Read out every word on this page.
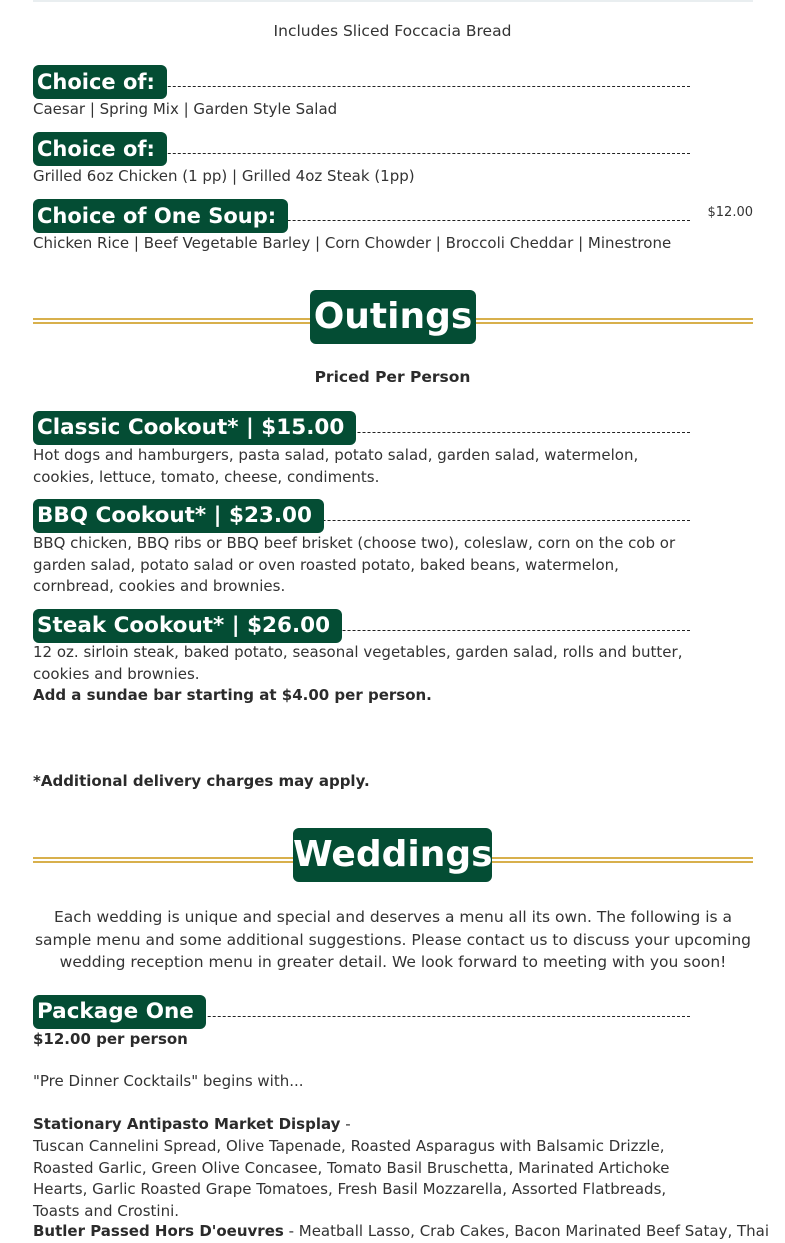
Includes Sliced Foccacia Bread
Choice of:
Caesar | Spring Mix | Garden Style Salad
Choice of:
Grilled 6oz Chicken (1 pp) | Grilled 4oz Steak (1pp)
Choice of One Soup:	$12.00
Chicken Rice | Beef Vegetable Barley | Corn Chowder | Broccoli Cheddar | Minestrone
Outings
Priced Per Person
Classic Cookout* | $15.00
Hot dogs and hamburgers, pasta salad, potato salad, garden salad, watermelon, cookies, lettuce, tomato, cheese, condiments.
BBQ Cookout* | $23.00
BBQ chicken, BBQ ribs or BBQ beef brisket (choose two), coleslaw, corn on the cob or garden salad, potato salad or oven roasted potato, baked beans, watermelon, cornbread, cookies and brownies.
Steak Cookout* | $26.00
12 oz. sirloin steak, baked potato, seasonal vegetables, garden salad, rolls and butter, cookies and brownies.
Add a sundae bar starting at $4.00 per person.
*Additional delivery charges may apply.
Weddings
Each wedding is unique and special and deserves a menu all its own. The following is a sample menu and some additional suggestions. Please contact us to discuss your upcoming wedding reception menu in greater detail. We look forward to meeting with you soon!
Package One
$12.00 per person
"Pre Dinner Cocktails" begins with...
Stationary Antipasto Market Display -
Tuscan Cannelini Spread, Olive Tapenade, Roasted Asparagus with Balsamic Drizzle, Roasted Garlic, Green Olive Concasee, Tomato Basil Bruschetta, Marinated Artichoke Hearts, Garlic Roasted Grape Tomatoes, Fresh Basil Mozzarella, Assorted Flatbreads, Toasts and Crostini.
Butler Passed Hors D'oeuvres - Meatball Lasso, Crab Cakes, Bacon Marinated Beef Satay, Thai
